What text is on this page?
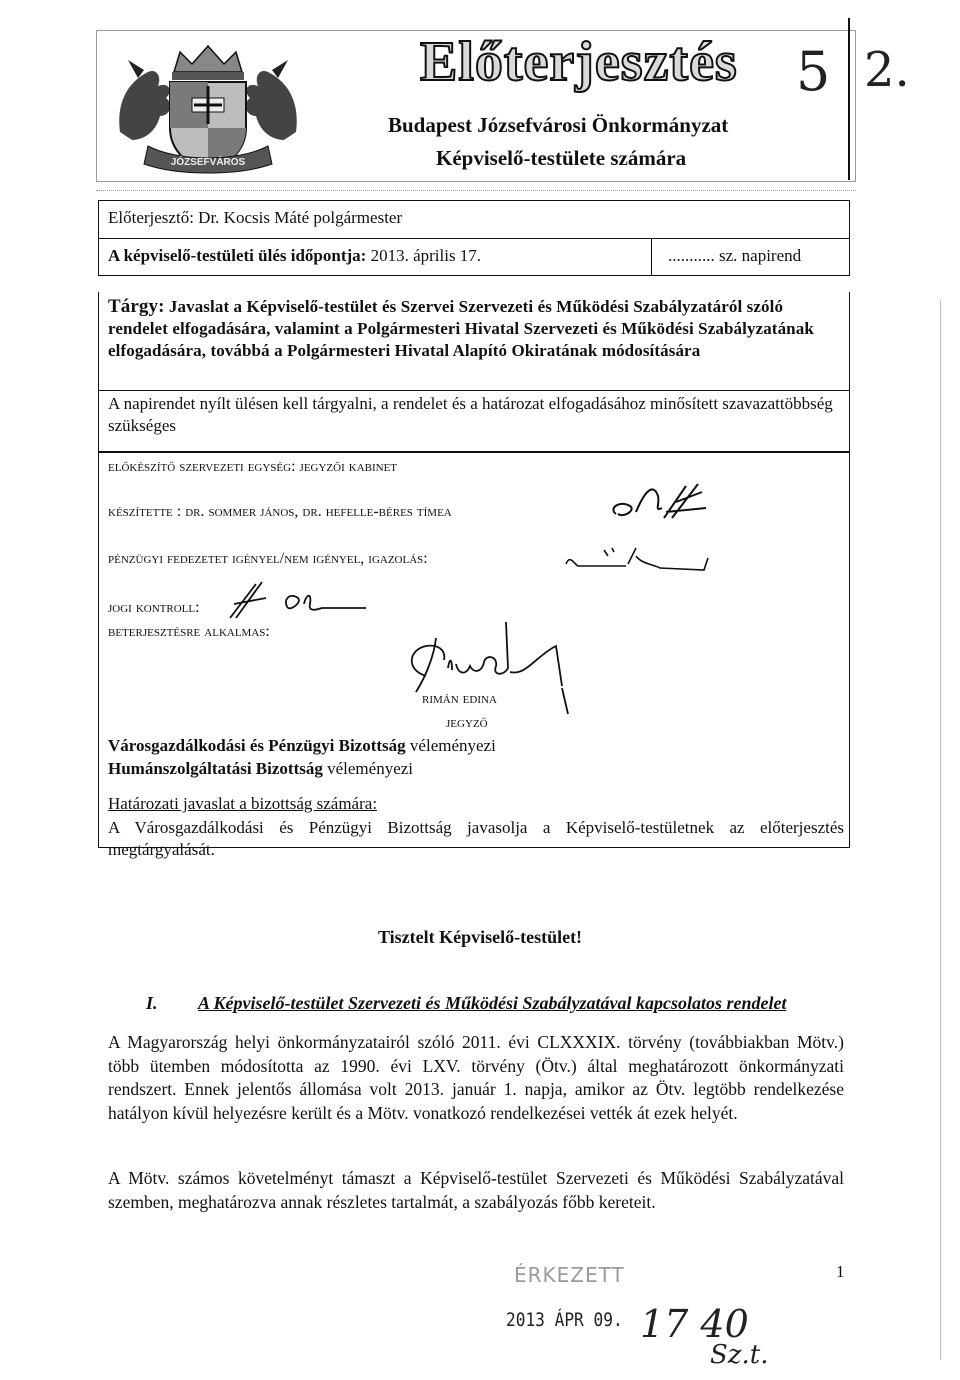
JÓZSEFVÁROS
Előterjesztés
Budapest Józsefvárosi Önkormányzat
Képviselő-testülete számára
5 2.
Előterjesztő: Dr. Kocsis Máté polgármester
A képviselő-testületi ülés időpontja: 2013. április 17.	........... sz. napirend
Tárgy: Javaslat a Képviselő-testület és Szervei Szervezeti és Működési Szabályzatáról szóló rendelet elfogadására, valamint a Polgármesteri Hivatal Szervezeti és Működési Szabályzatának elfogadására, továbbá a Polgármesteri Hivatal Alapító Okiratának módosítására
A napirendet nyílt ülésen kell tárgyalni, a rendelet és a határozat elfogadásához minősített szavazattöbbség szükséges
előkészítő szervezeti egység: jegyzői kabinet
készítette : dr. sommer jános, dr. hefelle-béres tímea
pénzügyi fedezetet igényel/nem igényel, igazolás:
jogi kontroll:
beterjesztésre alkalmas:
rimán edina
jegyző
Városgazdálkodási és Pénzügyi Bizottság véleményezi
Humánszolgáltatási Bizottság véleményezi
Határozati javaslat a bizottság számára:
A Városgazdálkodási és Pénzügyi Bizottság javasolja a Képviselő-testületnek az előterjesztés megtárgyalását.
Tisztelt Képviselő-testület!
I. A Képviselő-testület Szervezeti és Működési Szabályzatával kapcsolatos rendelet
A Magyarország helyi önkormányzatairól szóló 2011. évi CLXXXIX. törvény (továbbiakban Mötv.) több ütemben módosította az 1990. évi LXV. törvény (Ötv.) által meghatározott önkormányzati rendszert. Ennek jelentős állomása volt 2013. január 1. napja, amikor az Ötv. legtöbb rendelkezése hatályon kívül helyezésre került és a Mötv. vonatkozó rendelkezései vették át ezek helyét.
A Mötv. számos követelményt támaszt a Képviselő-testület Szervezeti és Működési Szabályzatával szemben, meghatározva annak részletes tartalmát, a szabályozás főbb kereteit.
ÉRKEZETT
2013 ÁPR 09. 17 40
Sz.t.
1
